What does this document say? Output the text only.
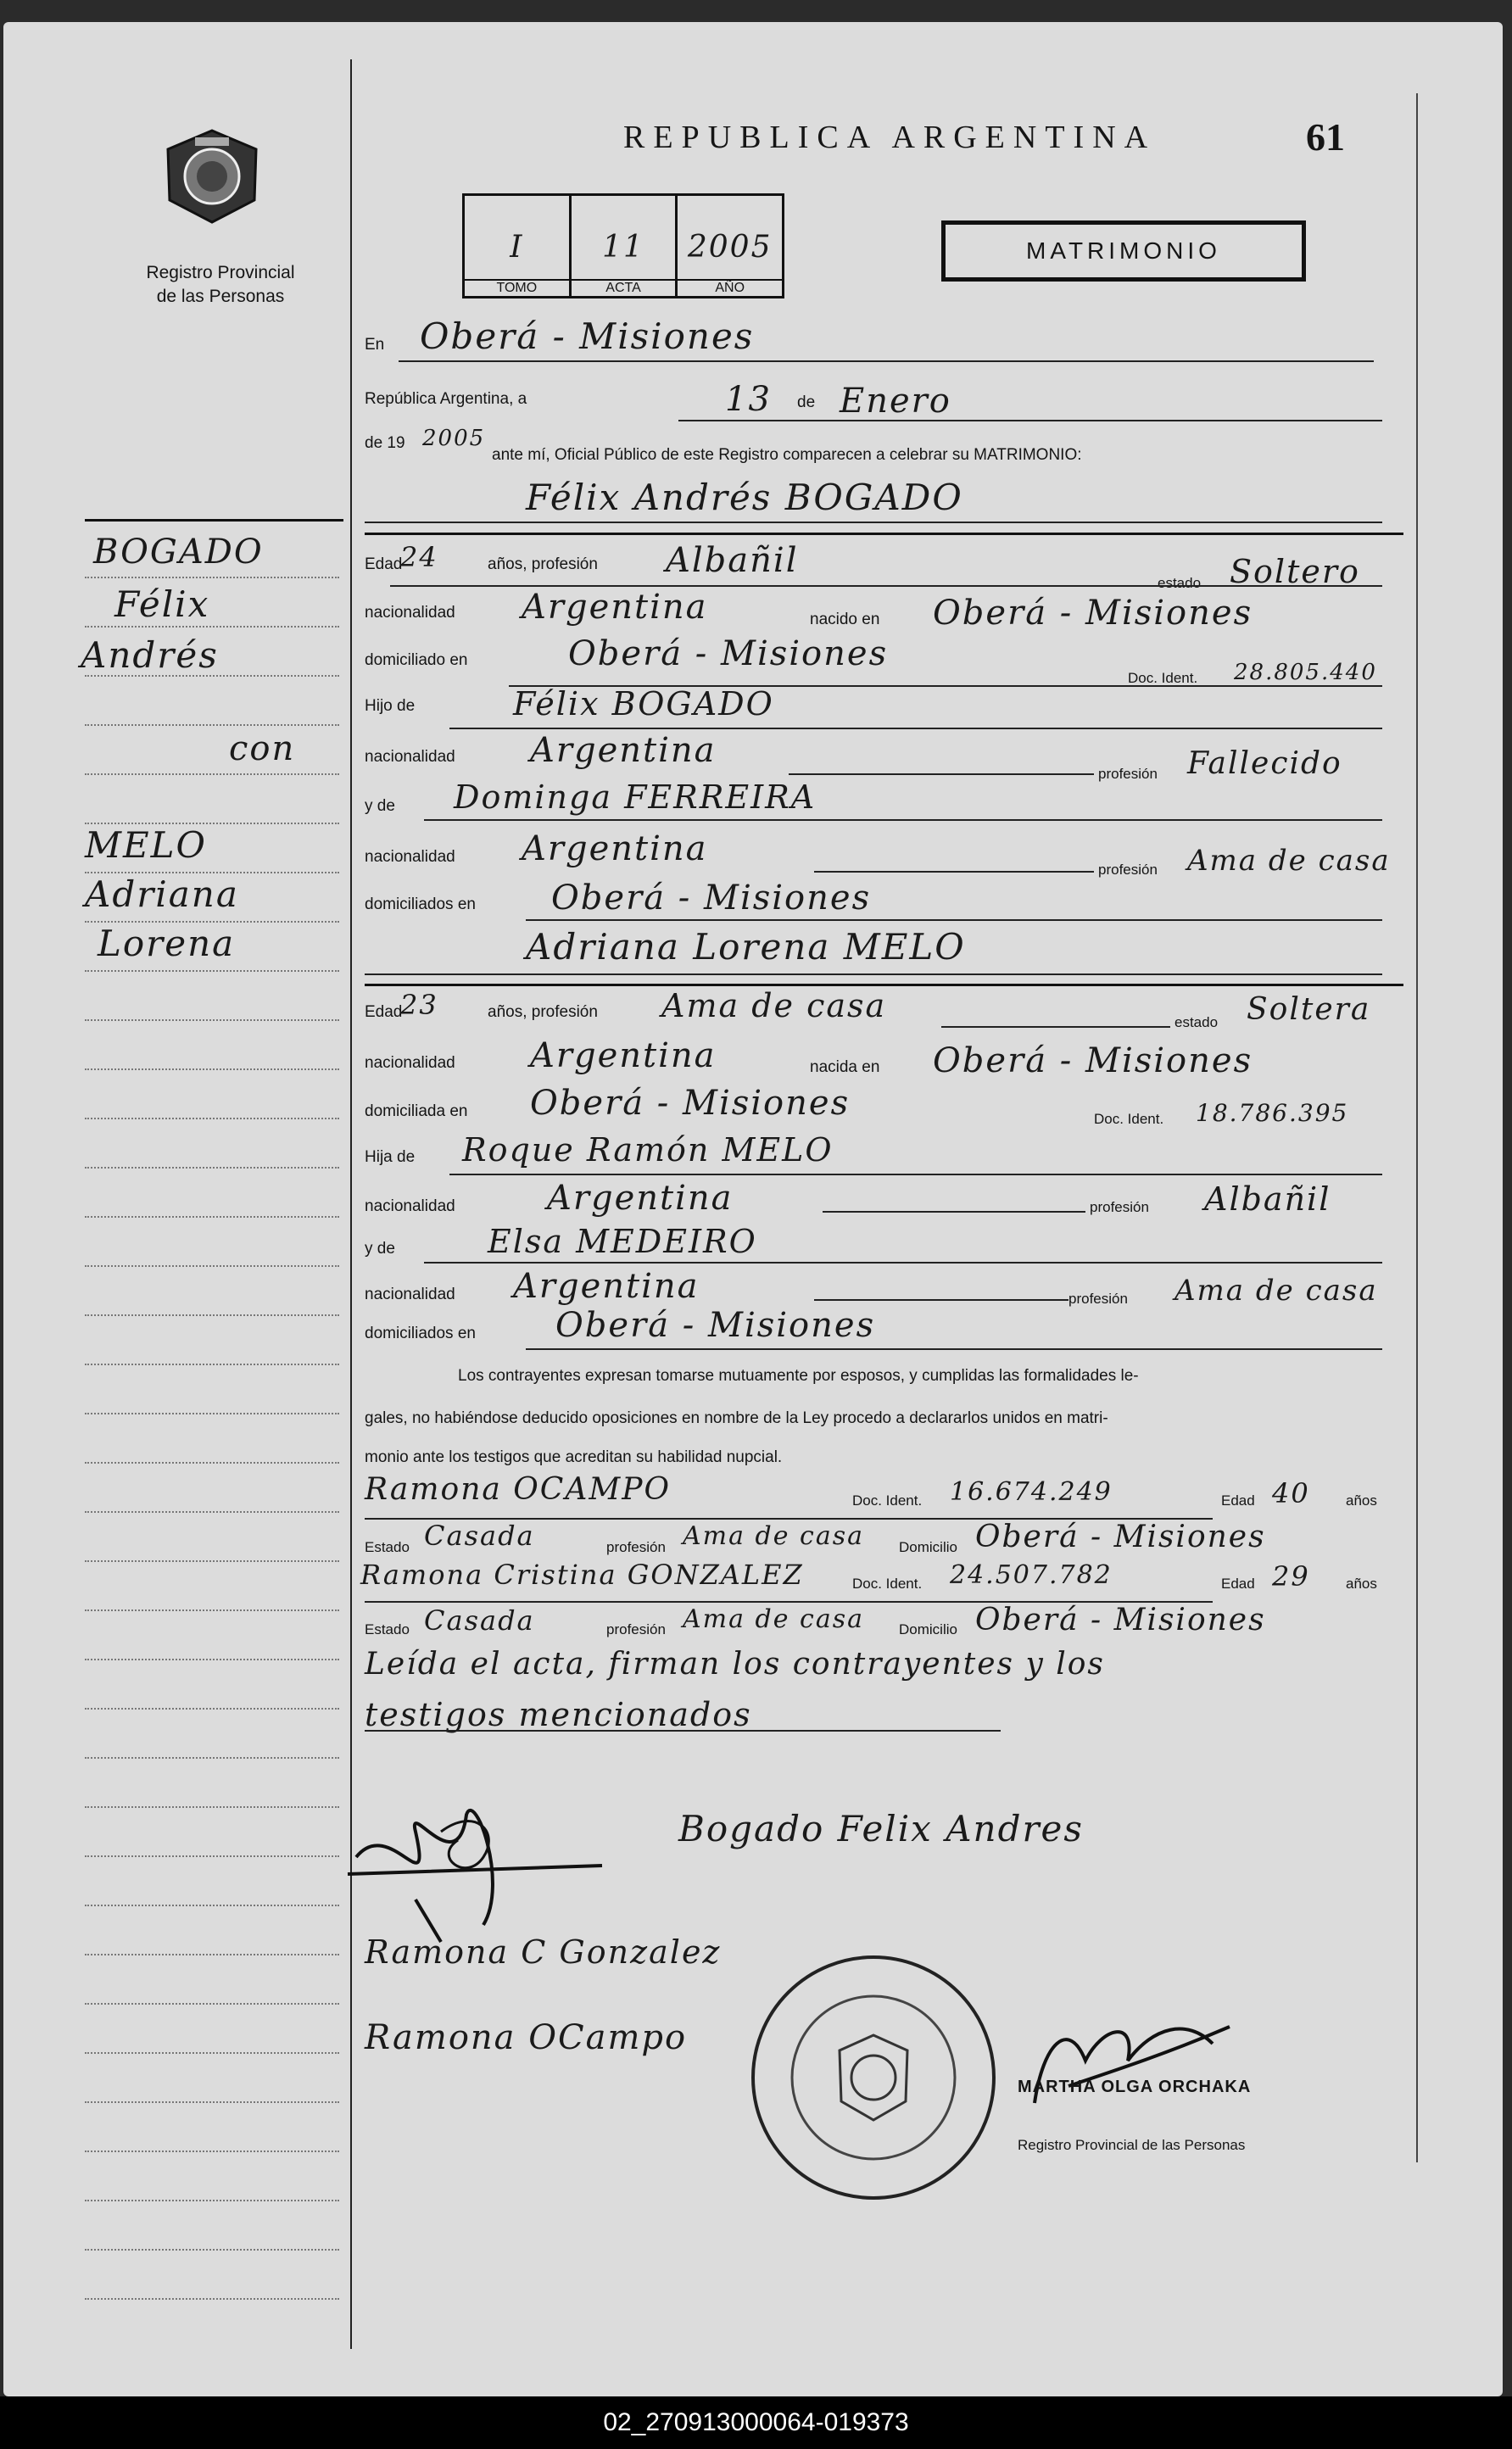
Registro Provincial
de las Personas
REPUBLICA ARGENTINA	61
MATRIMONIO
I
TOMO
11
ACTA
2005
AÑO
En Oberá - Misiones
República Argentina, a	13 de Enero
de 19 2005
ante mí, Oficial Público de este Registro comparecen a celebrar su MATRIMONIO:
Félix Andrés BOGADO
BOGADO
Félix
Andrés
con
MELO
Adriana
Lorena
Edad
24	años, profesión Albañil
estado Soltero
nacionalidad Argentina	nacido en Oberá - Misiones
domiciliado en	Oberá - Misiones
Doc. Ident. 28.805.440
Hijo de	Félix BOGADO
nacionalidad Argentina
profesión Fallecido
y de Dominga FERREIRA
nacionalidad Argentina
profesión Ama de casa
domiciliados en Oberá - Misiones
Adriana Lorena MELO
Edad
23	años, profesión Ama de casa	estado Soltera
nacionalidad Argentina	nacida en Oberá - Misiones
domiciliada en Oberá - Misiones	Doc. Ident. 18.786.395
Hija de Roque Ramón MELO
nacionalidad	Argentina	profesión Albañil
y de	Elsa MEDEIRO
nacionalidad Argentina	profesión Ama de casa
domiciliados en Oberá - Misiones
Los contrayentes expresan tomarse mutuamente por esposos, y cumplidas las formalidades le-
gales, no habiéndose deducido oposiciones en nombre de la Ley procedo a declararlos unidos en matri-
monio ante los testigos que acreditan su habilidad nupcial.
Ramona OCAMPO	Doc. Ident. 16.674.249	Edad 40 años
Estado Casada	profesión Ama de casa Domicilio Oberá - Misiones
Ramona Cristina GONZALEZ	Doc. Ident. 24.507.782	Edad 29 años
Estado Casada	profesión Ama de casa Domicilio Oberá - Misiones
Leída el acta, firman los contrayentes y los
testigos mencionados
Bogado Felix Andres
Ramona C Gonzalez
Ramona OCampo
MARTHA OLGA ORCHAKA
Registro Provincial de las Personas
02_270913000064-019373
